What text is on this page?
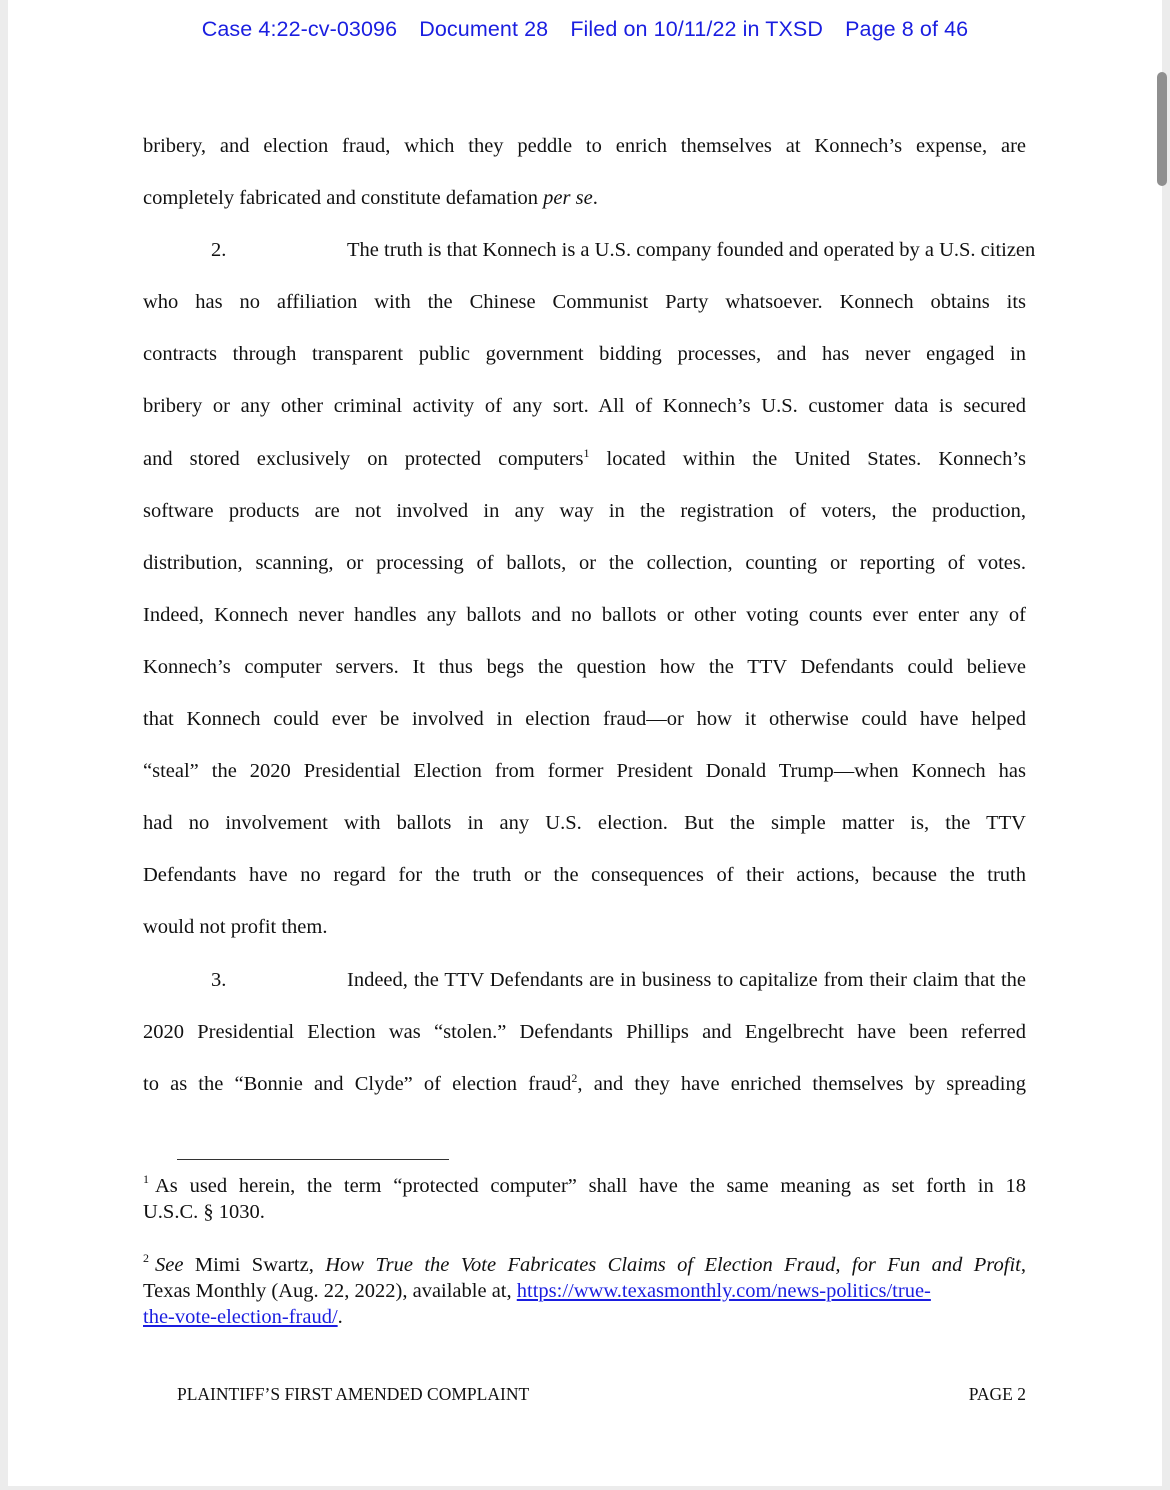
Case 4:22-cv-03096 Document 28 Filed on 10/11/22 in TXSD Page 8 of 46
bribery, and election fraud, which they peddle to enrich themselves at Konnech’s expense, are
completely fabricated and constitute defamation per se.
2.	The truth is that Konnech is a U.S. company founded and operated by a U.S. citizen
who has no affiliation with the Chinese Communist Party whatsoever. Konnech obtains its
contracts through transparent public government bidding processes, and has never engaged in
bribery or any other criminal activity of any sort. All of Konnech’s U.S. customer data is secured
and stored exclusively on protected computers$^1$ located within the United States. Konnech’s
software products are not involved in any way in the registration of voters, the production,
distribution, scanning, or processing of ballots, or the collection, counting or reporting of votes.
Indeed, Konnech never handles any ballots and no ballots or other voting counts ever enter any of
Konnech’s computer servers. It thus begs the question how the TTV Defendants could believe
that Konnech could ever be involved in election fraud—or how it otherwise could have helped
“steal” the 2020 Presidential Election from former President Donald Trump—when Konnech has
had no involvement with ballots in any U.S. election. But the simple matter is, the TTV
Defendants have no regard for the truth or the consequences of their actions, because the truth
would not profit them.
3.	Indeed, the TTV Defendants are in business to capitalize from their claim that the
2020 Presidential Election was “stolen.” Defendants Phillips and Engelbrecht have been referred
to as the “Bonnie and Clyde” of election fraud$^2$, and they have enriched themselves by spreading
$^1$ As used herein, the term “protected computer” shall have the same meaning as set forth in 18
U.S.C. § 1030.
$^2$ See Mimi Swartz, How True the Vote Fabricates Claims of Election Fraud, for Fun and Profit,
Texas Monthly (Aug. 22, 2022), available at, https://www.texasmonthly.com/news-politics/true-
the-vote-election-fraud/.
PLAINTIFF’S FIRST AMENDED COMPLAINT	PAGE 2
